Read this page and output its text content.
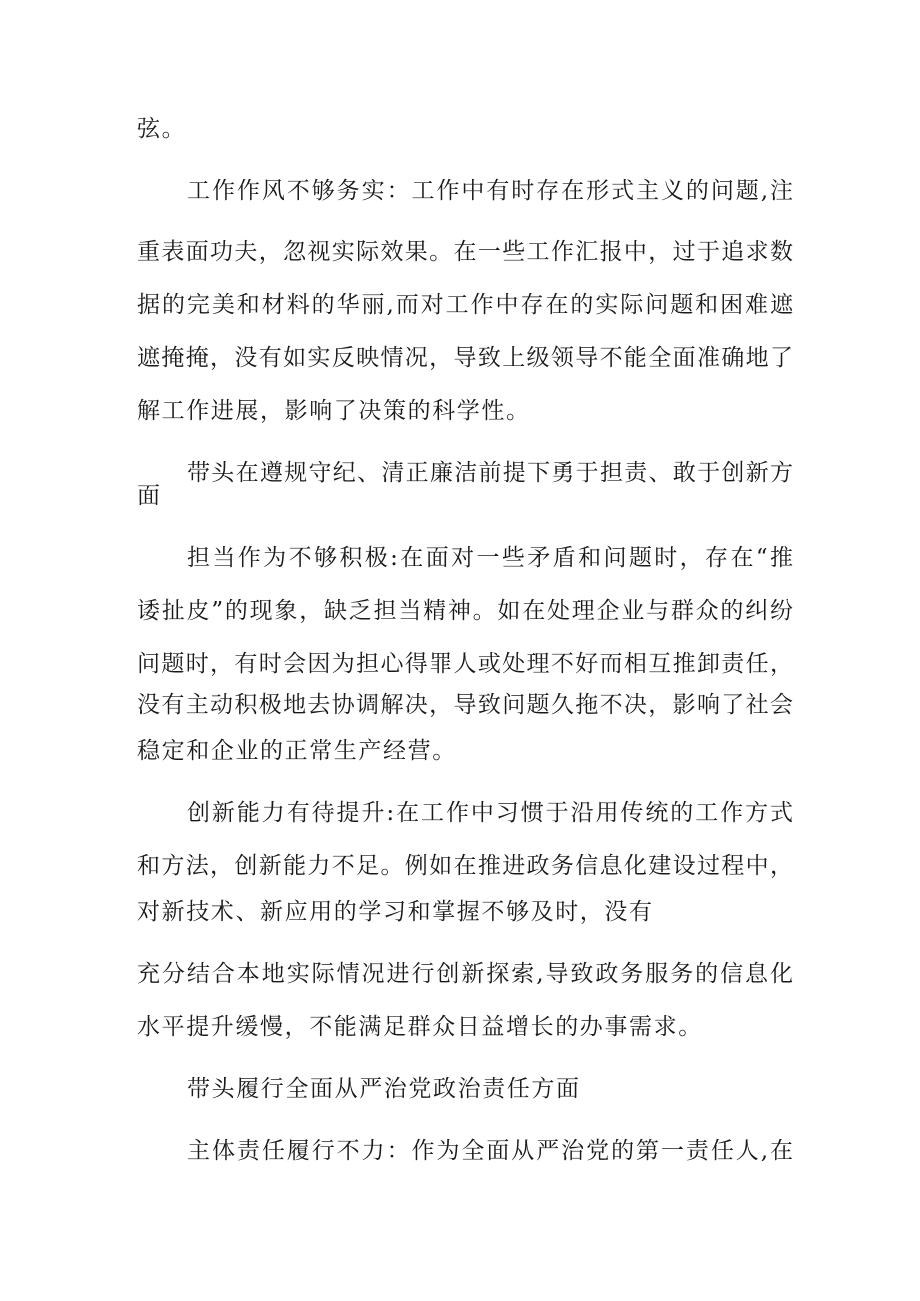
弦。
工作作风不够务实：工作中有时存在形式主义的问题,注
重表面功夫，忽视实际效果。在一些工作汇报中，过于追求数
据的完美和材料的华丽,而对工作中存在的实际问题和困难遮
遮掩掩，没有如实反映情况，导致上级领导不能全面准确地了
解工作进展，影响了决策的科学性。
带头在遵规守纪、清正廉洁前提下勇于担责、敢于创新方
面
担当作为不够积极:在面对一些矛盾和问题时，存在“推
诿扯皮”的现象，缺乏担当精神。如在处理企业与群众的纠纷
问题时，有时会因为担心得罪人或处理不好而相互推卸责任，
没有主动积极地去协调解决，导致问题久拖不决，影响了社会
稳定和企业的正常生产经营。
创新能力有待提升:在工作中习惯于沿用传统的工作方式
和方法，创新能力不足。例如在推进政务信息化建设过程中，
对新技术、新应用的学习和掌握不够及时，没有
充分结合本地实际情况进行创新探索,导致政务服务的信息化
水平提升缓慢，不能满足群众日益增长的办事需求。
带头履行全面从严治党政治责任方面
主体责任履行不力：作为全面从严治党的第一责任人,在
